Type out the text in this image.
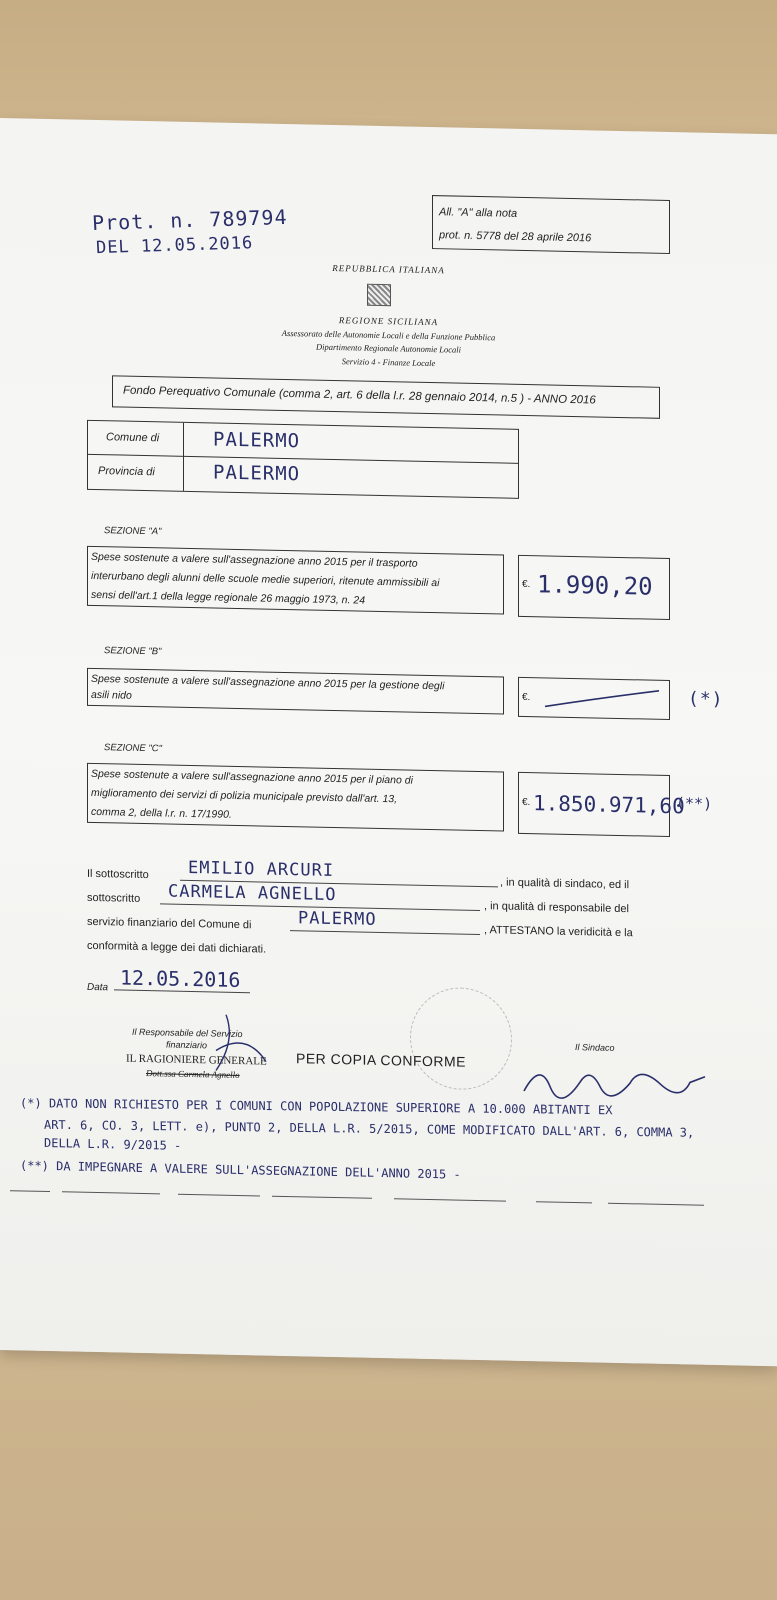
Prot. n. 789794
DEL 12.05.2016
All. "A" alla nota
prot. n. 5778 del 28 aprile 2016
REPUBBLICA ITALIANA
REGIONE SICILIANA
Assessorato delle Autonomie Locali e della Funzione Pubblica
Dipartimento Regionale Autonomie Locali
Servizio 4 - Finanze Locale
Fondo Perequativo Comunale (comma 2, art. 6 della l.r. 28 gennaio 2014, n.5 ) - ANNO 2016
Comune di	PALERMO
Provincia di	PALERMO
SEZIONE "A"
Spese sostenute a valere sull'assegnazione anno 2015 per il trasporto
interurbano degli alunni delle scuole medie superiori, ritenute ammissibili ai
sensi dell'art.1 della legge regionale 26 maggio 1973, n. 24
€. 1.990,20
SEZIONE "B"
Spese sostenute a valere sull'assegnazione anno 2015 per la gestione degli
asili nido	€.	(*)
SEZIONE "C"
Spese sostenute a valere sull'assegnazione anno 2015 per il piano di
miglioramento dei servizi di polizia municipale previsto dall'art. 13,
comma 2, della l.r. n. 17/1990.
€. 1.850.971,60
(**)
Il sottoscritto EMILIO ARCURI
, in qualità di sindaco, ed il
sottoscritto CARMELA AGNELLO
, in qualità di responsabile del
servizio finanziario del Comune di	PALERMO
, ATTESTANO la veridicità e la
conformità a legge dei dati dichiarati.
Data 12.05.2016
Il Responsabile del Servizio
finanziario
IL RAGIONIERE GENERALE
Dott.ssa Carmela Agnello
PER COPIA CONFORME
Il Sindaco
(*) DATO NON RICHIESTO PER I COMUNI CON POPOLAZIONE SUPERIORE A 10.000 ABITANTI EX
ART. 6, CO. 3, LETT. e), PUNTO 2, DELLA L.R. 5/2015, COME MODIFICATO DALL'ART. 6, COMMA 3,
DELLA L.R. 9/2015 -
(**) DA IMPEGNARE A VALERE SULL'ASSEGNAZIONE DELL'ANNO 2015 -
